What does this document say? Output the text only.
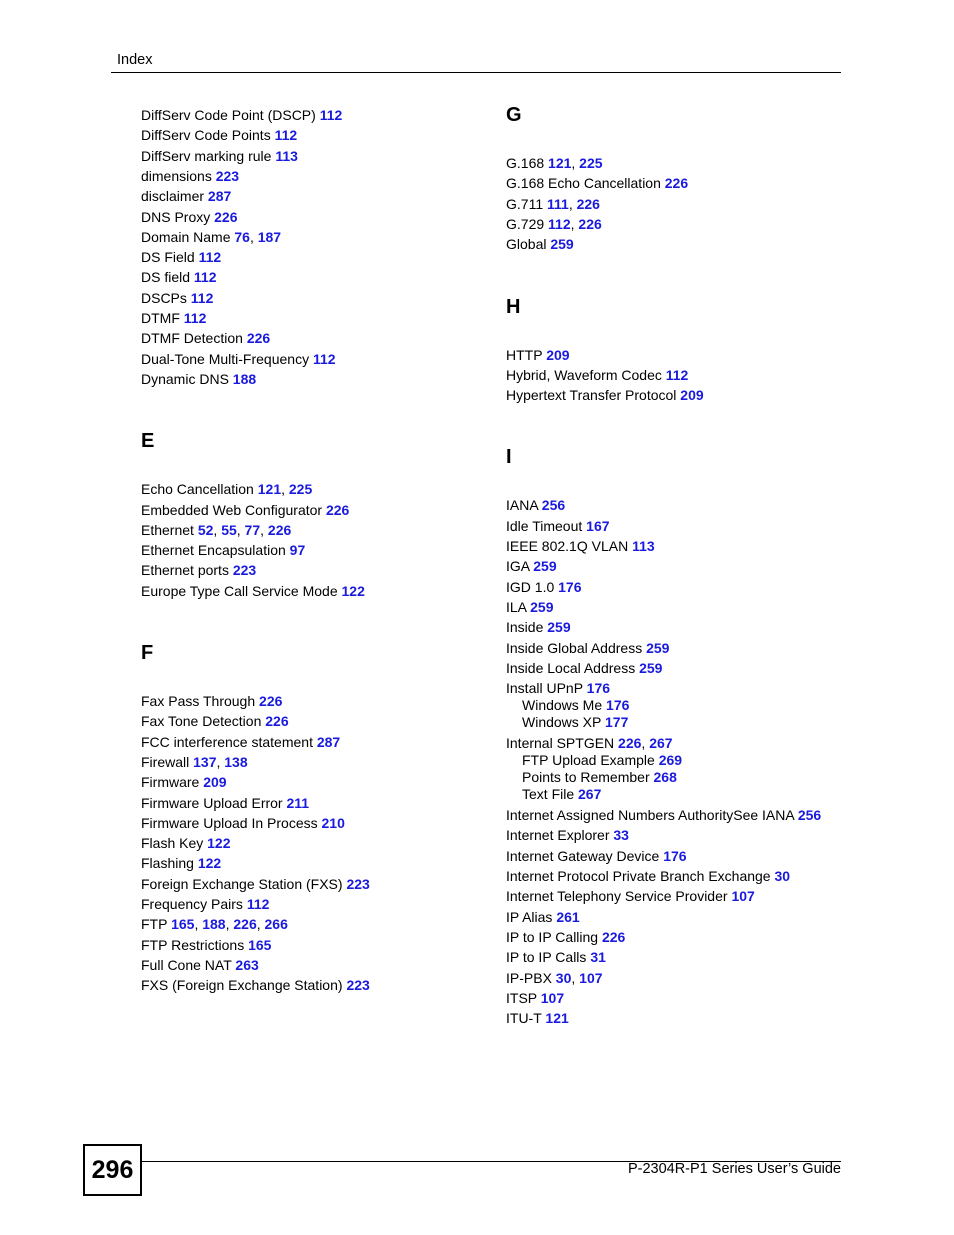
Index
DiffServ Code Point (DSCP) 112
DiffServ Code Points 112
DiffServ marking rule 113
dimensions 223
disclaimer 287
DNS Proxy 226
Domain Name 76, 187
DS Field 112
DS field 112
DSCPs 112
DTMF 112
DTMF Detection 226
Dual-Tone Multi-Frequency 112
Dynamic DNS 188
E
Echo Cancellation 121, 225
Embedded Web Configurator 226
Ethernet 52, 55, 77, 226
Ethernet Encapsulation 97
Ethernet ports 223
Europe Type Call Service Mode 122
F
Fax Pass Through 226
Fax Tone Detection 226
FCC interference statement 287
Firewall 137, 138
Firmware 209
Firmware Upload Error 211
Firmware Upload In Process 210
Flash Key 122
Flashing 122
Foreign Exchange Station (FXS) 223
Frequency Pairs 112
FTP 165, 188, 226, 266
FTP Restrictions 165
Full Cone NAT 263
FXS (Foreign Exchange Station) 223
G
G.168 121, 225
G.168 Echo Cancellation 226
G.711 111, 226
G.729 112, 226
Global 259
H
HTTP 209
Hybrid, Waveform Codec 112
Hypertext Transfer Protocol 209
I
IANA 256
Idle Timeout 167
IEEE 802.1Q VLAN 113
IGA 259
IGD 1.0 176
ILA 259
Inside 259
Inside Global Address 259
Inside Local Address 259
Install UPnP 176
Windows Me 176
Windows XP 177
Internal SPTGEN 226, 267
FTP Upload Example 269
Points to Remember 268
Text File 267
Internet Assigned Numbers AuthoritySee IANA 256
Internet Explorer 33
Internet Gateway Device 176
Internet Protocol Private Branch Exchange 30
Internet Telephony Service Provider 107
IP Alias 261
IP to IP Calling 226
IP to IP Calls 31
IP-PBX 30, 107
ITSP 107
ITU-T 121
296	P-2304R-P1 Series User’s Guide
